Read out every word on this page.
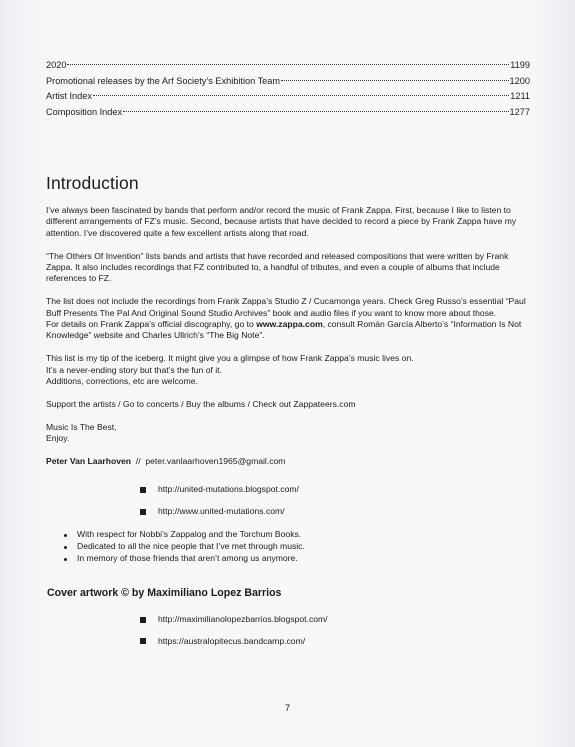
2020	1199
Promotional releases by the Arf Society’s Exhibition Team	1200
Artist Index	1211
Composition Index	1277
Introduction

I’ve always been fascinated by bands that perform and/or record the music of Frank Zappa. First, because I like to listen to different arrangements of FZ’s music. Second, because artists that have decided to record a piece by Frank Zappa have my attention. I’ve discovered quite a few excellent artists along that road.

“The Others Of Invention” lists bands and artists that have recorded and released compositions that were written by Frank Zappa. It also includes recordings that FZ contributed to, a handful of tributes, and even a couple of albums that include references to FZ.

The list does not include the recordings from Frank Zappa’s Studio Z / Cucamonga years. Check Greg Russo’s essential “Paul Buff Presents The Pal And Original Sound Studio Archives” book and audio files if you want to know more about those.
For details on Frank Zappa’s official discography, go to www.zappa.com, consult Román García Alberto’s “Information Is Not Knowledge” website and Charles Ullrich’s “The Big Note”.

This list is my tip of the iceberg. It might give you a glimpse of how Frank Zappa’s music lives on.
It’s a never-ending story but that’s the fun of it.
Additions, corrections, etc are welcome.

Support the artists / Go to concerts / Buy the albums / Check out Zappateers.com

Music Is The Best,
Enjoy.

Peter Van Laarhoven  //  peter.vanlaarhoven1965@gmail.com
http://united-mutations.blogspot.com/
http://www.united-mutations.com/
With respect for Nobbi’s Zappalog and the Torchum Books.
Dedicated to all the nice people that I’ve met through music.
In memory of those friends that aren’t among us anymore.
Cover artwork © by Maximiliano Lopez Barrios
http://maximilianolopezbarrios.blogspot.com/
https://australopitecus.bandcamp.com/
7
